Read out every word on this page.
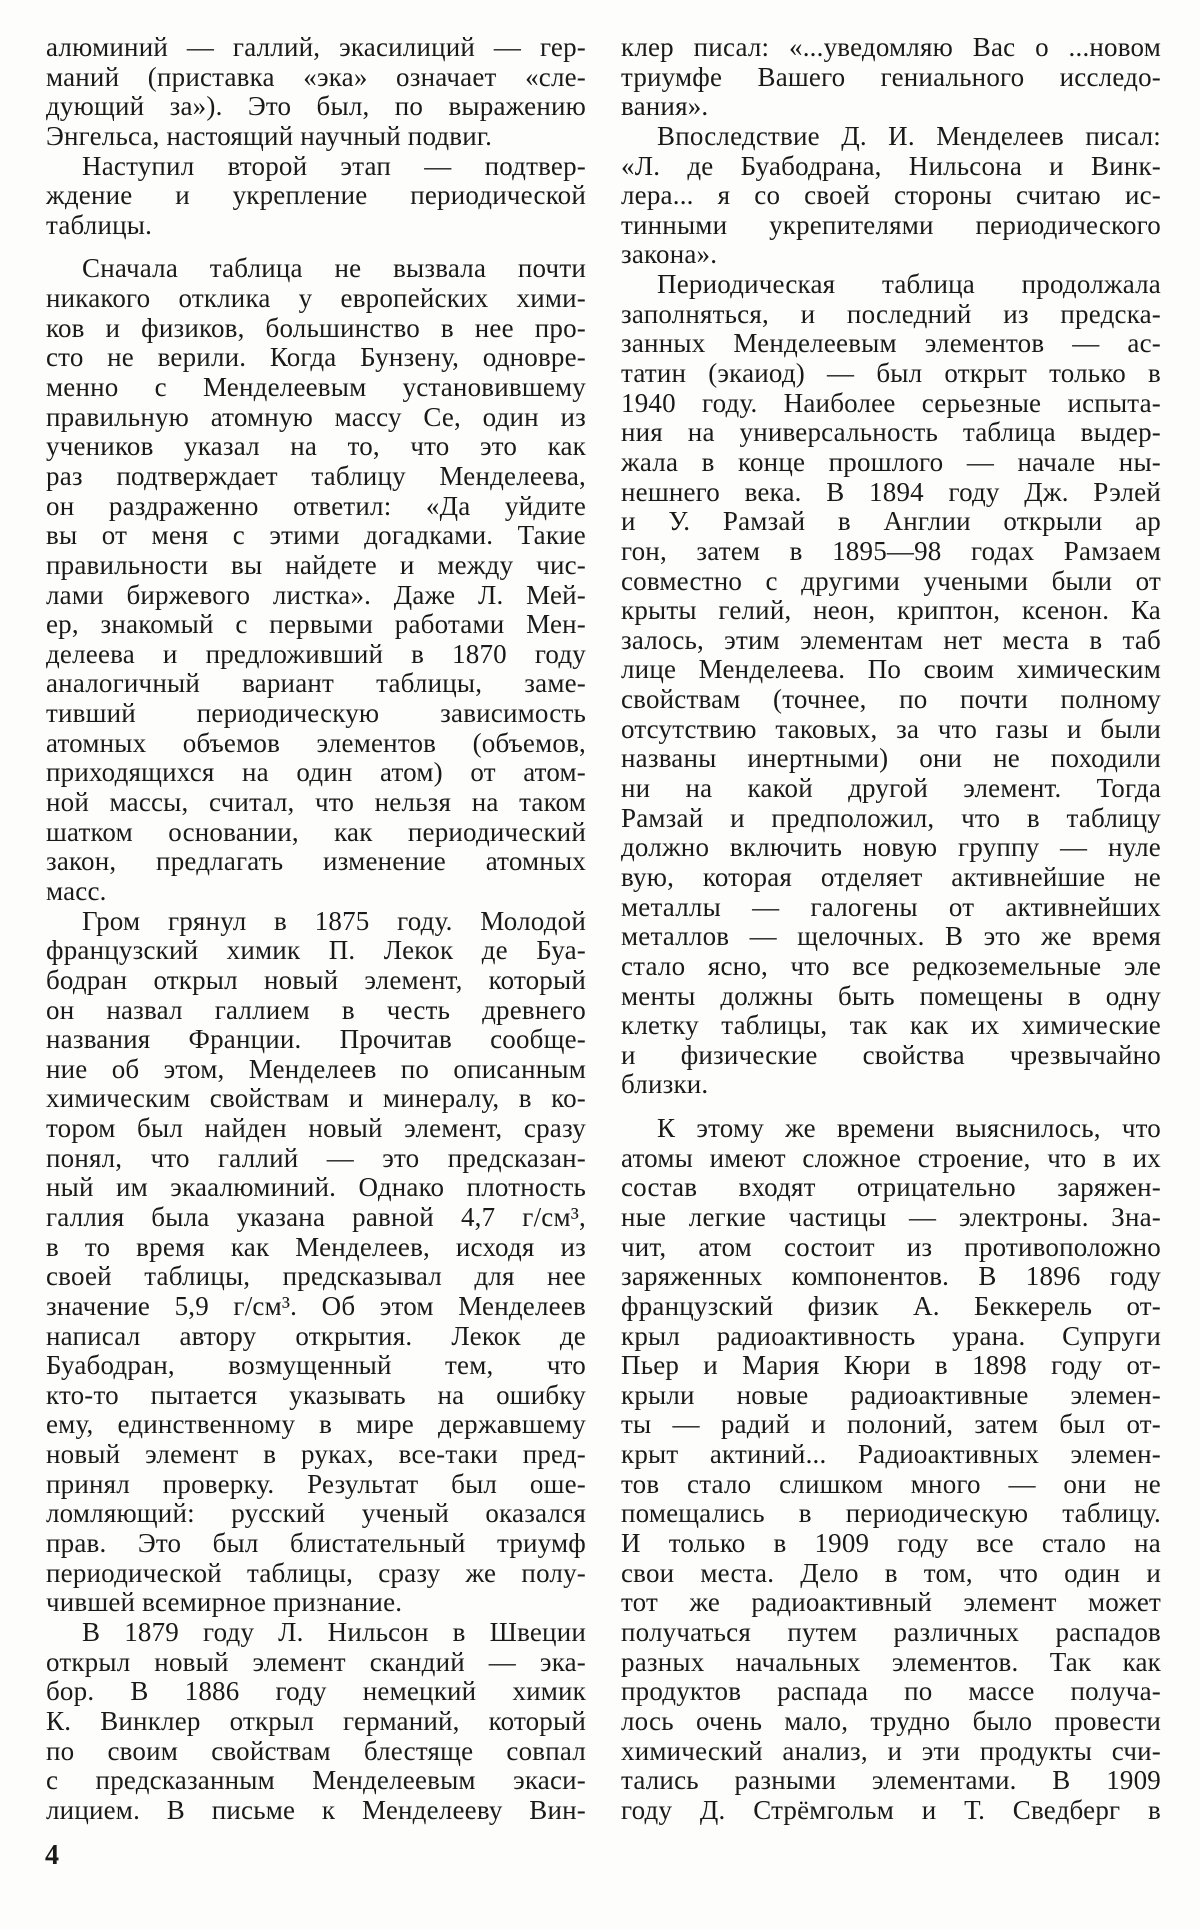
алюминий — галлий, экасилиций — гер-
маний (приставка «эка» означает «сле-
дующий за»). Это был, по выражению
Энгельса, настоящий научный подвиг.
Наступил второй этап — подтвер-
ждение и укрепление периодической
таблицы.
Сначала таблица не вызвала почти
никакого отклика у европейских хими-
ков и физиков, большинство в нее про-
сто не верили. Когда Бунзену, одновре-
менно с Менделеевым установившему
правильную атомную массу Се, один из
учеников указал на то, что это как
раз подтверждает таблицу Менделеева,
он раздраженно ответил: «Да уйдите
вы от меня с этими догадками. Такие
правильности вы найдете и между чис-
лами биржевого листка». Даже Л. Мей-
ер, знакомый с первыми работами Мен-
делеева и предложивший в 1870 году
аналогичный вариант таблицы, заме-
тивший периодическую зависимость
атомных объемов элементов (объемов,
приходящихся на один атом) от атом-
ной массы, считал, что нельзя на таком
шатком основании, как периодический
закон, предлагать изменение атомных
масс.
Гром грянул в 1875 году. Молодой
французский химик П. Лекок де Буа-
бодран открыл новый элемент, который
он назвал галлием в честь древнего
названия Франции. Прочитав сообще-
ние об этом, Менделеев по описанным
химическим свойствам и минералу, в ко-
тором был найден новый элемент, сразу
понял, что галлий — это предсказан-
ный им экаалюминий. Однако плотность
галлия была указана равной 4,7 г/см³,
в то время как Менделеев, исходя из
своей таблицы, предсказывал для нее
значение 5,9 г/см³. Об этом Менделеев
написал автору открытия. Лекок де
Буабодран, возмущенный тем, что
кто-то пытается указывать на ошибку
ему, единственному в мире державшему
новый элемент в руках, все-таки пред-
принял проверку. Результат был оше-
ломляющий: русский ученый оказался
прав. Это был блистательный триумф
периодической таблицы, сразу же полу-
чившей всемирное признание.
В 1879 году Л. Нильсон в Швеции
открыл новый элемент скандий — эка-
бор. В 1886 году немецкий химик
К. Винклер открыл германий, который
по своим свойствам блестяще совпал
с предсказанным Менделеевым экаси-
лицием. В письме к Менделееву Вин-
клер писал: «...уведомляю Вас о ...новом
триумфе Вашего гениального исследо-
вания».
Впоследствие Д. И. Менделеев писал:
«Л. де Буабодрана, Нильсона и Винк-
лера... я со своей стороны считаю ис-
тинными укрепителями периодического
закона».
Периодическая таблица продолжала
заполняться, и последний из предска-
занных Менделеевым элементов — ас-
татин (экаиод) — был открыт только в
1940 году. Наиболее серьезные испыта-
ния на универсальность таблица выдер-
жала в конце прошлого — начале ны-
нешнего века. В 1894 году Дж. Рэлей
и У. Рамзай в Англии открыли ар
гон, затем в 1895—98 годах Рамзаем
совместно с другими учеными были от
крыты гелий, неон, криптон, ксенон. Ка
залось, этим элементам нет места в таб
лице Менделеева. По своим химическим
свойствам (точнее, по почти полному
отсутствию таковых, за что газы и были
названы инертными) они не походили
ни на какой другой элемент. Тогда
Рамзай и предположил, что в таблицу
должно включить новую группу — нуле
вую, которая отделяет активнейшие не
металлы — галогены от активнейших
металлов — щелочных. В это же время
стало ясно, что все редкоземельные эле
менты должны быть помещены в одну
клетку таблицы, так как их химические
и физические свойства чрезвычайно
близки.
К этому же времени выяснилось, что
атомы имеют сложное строение, что в их
состав входят отрицательно заряжен-
ные легкие частицы — электроны. Зна-
чит, атом состоит из противоположно
заряженных компонентов. В 1896 году
французский физик А. Беккерель от-
крыл радиоактивность урана. Супруги
Пьер и Мария Кюри в 1898 году от-
крыли новые радиоактивные элемен-
ты — радий и полоний, затем был от-
крыт актиний... Радиоактивных элемен-
тов стало слишком много — они не
помещались в периодическую таблицу.
И только в 1909 году все стало на
свои места. Дело в том, что один и
тот же радиоактивный элемент может
получаться путем различных распадов
разных начальных элементов. Так как
продуктов распада по массе получа-
лось очень мало, трудно было провести
химический анализ, и эти продукты счи-
тались разными элементами. В 1909
году Д. Стрёмгольм и Т. Сведберг в
4
